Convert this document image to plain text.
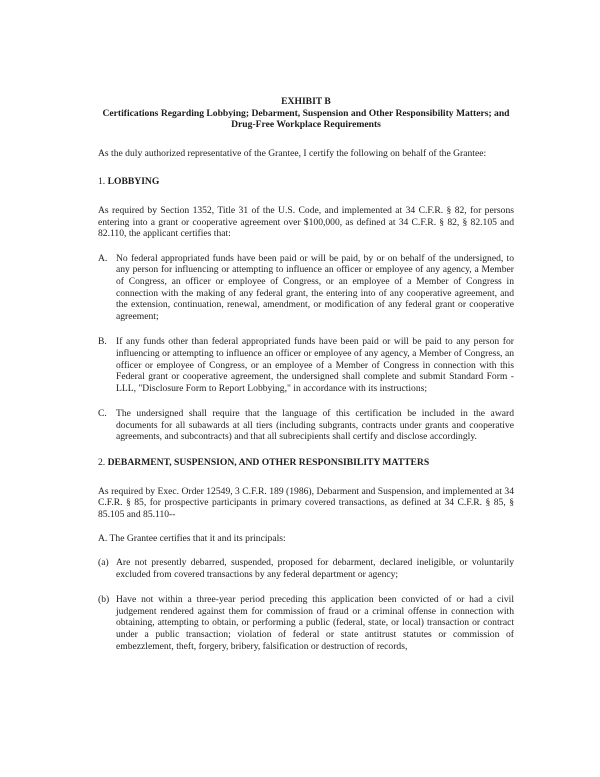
EXHIBIT B
Certifications Regarding Lobbying; Debarment, Suspension and Other Responsibility Matters; and Drug-Free Workplace Requirements

As the duly authorized representative of the Grantee, I certify the following on behalf of the Grantee:

1. LOBBYING

As required by Section 1352, Title 31 of the U.S. Code, and implemented at 34 C.F.R. § 82, for persons entering into a grant or cooperative agreement over $100,000, as defined at 34 C.F.R. § 82, § 82.105 and 82.110, the applicant certifies that:

A. No federal appropriated funds have been paid or will be paid, by or on behalf of the undersigned, to any person for influencing or attempting to influence an officer or employee of any agency, a Member of Congress, an officer or employee of Congress, or an employee of a Member of Congress in connection with the making of any federal grant, the entering into of any cooperative agreement, and the extension, continuation, renewal, amendment, or modification of any federal grant or cooperative agreement;
B. If any funds other than federal appropriated funds have been paid or will be paid to any person for influencing or attempting to influence an officer or employee of any agency, a Member of Congress, an officer or employee of Congress, or an employee of a Member of Congress in connection with this Federal grant or cooperative agreement, the undersigned shall complete and submit Standard Form - LLL, "Disclosure Form to Report Lobbying," in accordance with its instructions;
C. The undersigned shall require that the language of this certification be included in the award documents for all subawards at all tiers (including subgrants, contracts under grants and cooperative agreements, and subcontracts) and that all subrecipients shall certify and disclose accordingly.
2. DEBARMENT, SUSPENSION, AND OTHER RESPONSIBILITY MATTERS

As required by Exec. Order 12549, 3 C.F.R. 189 (1986), Debarment and Suspension, and implemented at 34 C.F.R. § 85, for prospective participants in primary covered transactions, as defined at 34 C.F.R. § 85, § 85.105 and 85.110--

A. The Grantee certifies that it and its principals:

(a) Are not presently debarred, suspended, proposed for debarment, declared ineligible, or voluntarily excluded from covered transactions by any federal department or agency;
(b) Have not within a three-year period preceding this application been convicted of or had a civil judgement rendered against them for commission of fraud or a criminal offense in connection with obtaining, attempting to obtain, or performing a public (federal, state, or local) transaction or contract under a public transaction; violation of federal or state antitrust statutes or commission of embezzlement, theft, forgery, bribery, falsification or destruction of records,
